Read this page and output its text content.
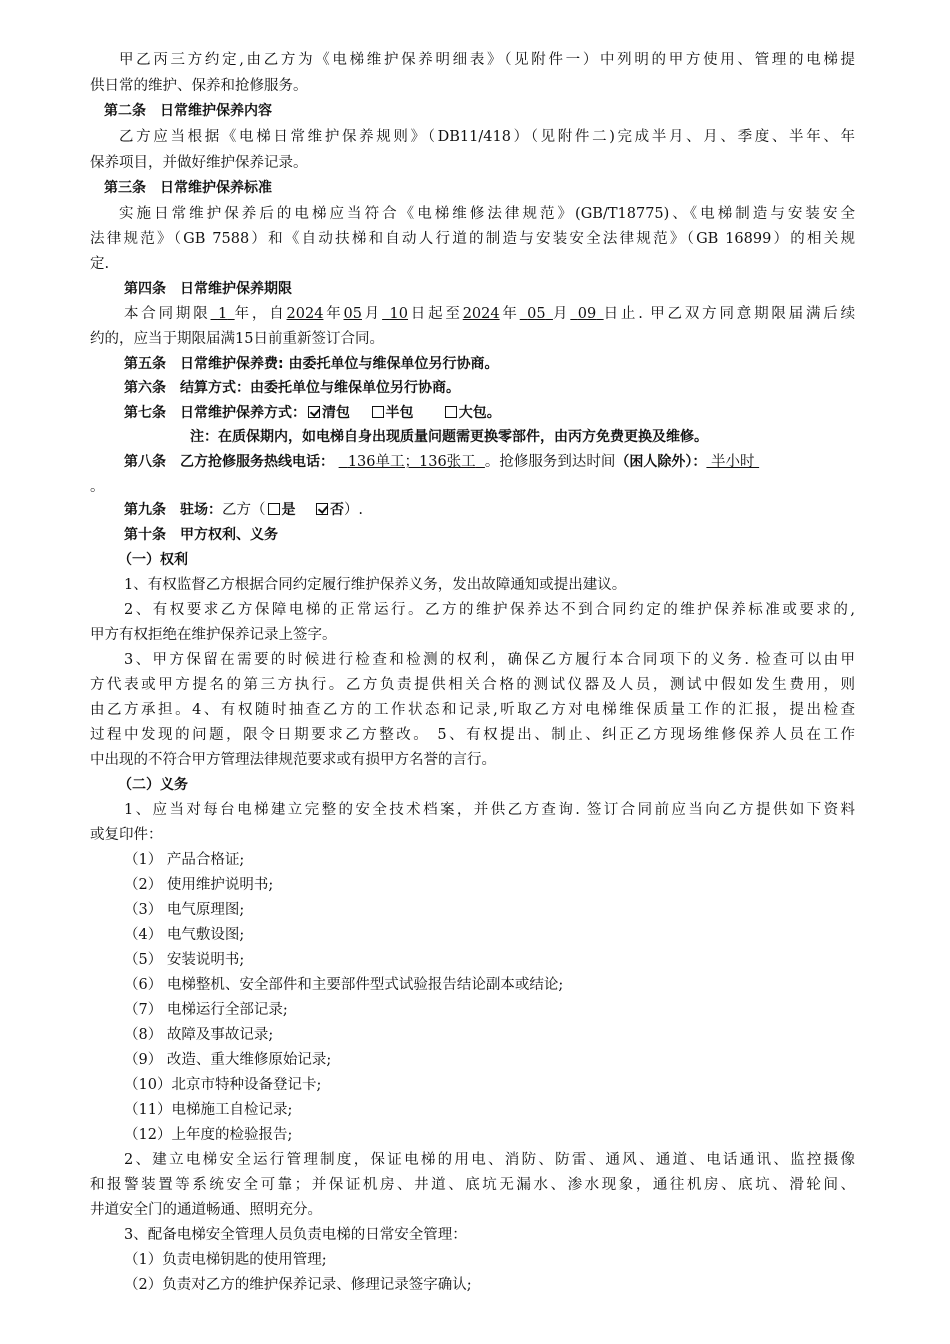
甲乙丙三方约定,由乙方为《电梯维护保养明细表》（见附件一）中列明的甲方使用、管理的电梯提
供日常的维护、保养和抢修服务。
第二条　日常维护保养内容
乙方应当根据《电梯日常维护保养规则》（DB11/418）（见附件二)完成半月、月、季度、半年、年
保养项目，并做好维护保养记录。
第三条　日常维护保养标准
实施日常维护保养后的电梯应当符合《电梯维修法律规范》(GB/T18775)、《电梯制造与安装安全
法律规范》（GB 7588）和《自动扶梯和自动人行道的制造与安装安全法律规范》（GB 16899）的相关规
定.
第四条　日常维护保养期限
本合同期限 1 年，自2024年05月 10日起至2024年 05 月 09 日止. 甲乙双方同意期限届满后续
约的，应当于期限届满15日前重新签订合同。
第五条　日常维护保养费: 由委托单位与维保单位另行协商。
第六条　结算方式：由委托单位与维保单位另行协商。
第七条　日常维护保养方式： 清包	半包	大包。
注：在质保期内，如电梯自身出现质量问题需更换零部件，由丙方免费更换及维修。
第八条　乙方抢修服务热线电话： 136单工；136张工 。抢修服务到达时间（困人除外）： 半小时
。
第九条　驻场：乙方（ 是 否）.
第十条　甲方权利、义务
（一）权利
1、有权监督乙方根据合同约定履行维护保养义务，发出故障通知或提出建议。
2、有权要求乙方保障电梯的正常运行。乙方的维护保养达不到合同约定的维护保养标准或要求的,
甲方有权拒绝在维护保养记录上签字。
3、甲方保留在需要的时候进行检查和检测的权利，确保乙方履行本合同项下的义务. 检查可以由甲
方代表或甲方提名的第三方执行。乙方负责提供相关合格的测试仪器及人员，测试中假如发生费用，则
由乙方承担。4、有权随时抽查乙方的工作状态和记录,听取乙方对电梯维保质量工作的汇报，提出检查
过程中发现的问题，限令日期要求乙方整改。 5、有权提出、制止、纠正乙方现场维修保养人员在工作
中出现的不符合甲方管理法律规范要求或有损甲方名誉的言行。
（二）义务
1、应当对每台电梯建立完整的安全技术档案，并供乙方查询. 签订合同前应当向乙方提供如下资料
或复印件：
（1） 产品合格证;
（2） 使用维护说明书;
（3） 电气原理图;
（4） 电气敷设图;
（5） 安装说明书;
（6） 电梯整机、安全部件和主要部件型式试验报告结论副本或结论;
（7） 电梯运行全部记录;
（8） 故障及事故记录;
（9） 改造、重大维修原始记录;
（10）北京市特种设备登记卡;
（11）电梯施工自检记录;
（12）上年度的检验报告;
2、建立电梯安全运行管理制度，保证电梯的用电、消防、防雷、通风、通道、电话通讯、监控摄像
和报警装置等系统安全可靠；并保证机房、井道、底坑无漏水、渗水现象，通往机房、底坑、滑轮间、
井道安全门的通道畅通、照明充分。
3、配备电梯安全管理人员负责电梯的日常安全管理：
（1）负责电梯钥匙的使用管理;
（2）负责对乙方的维护保养记录、修理记录签字确认;
